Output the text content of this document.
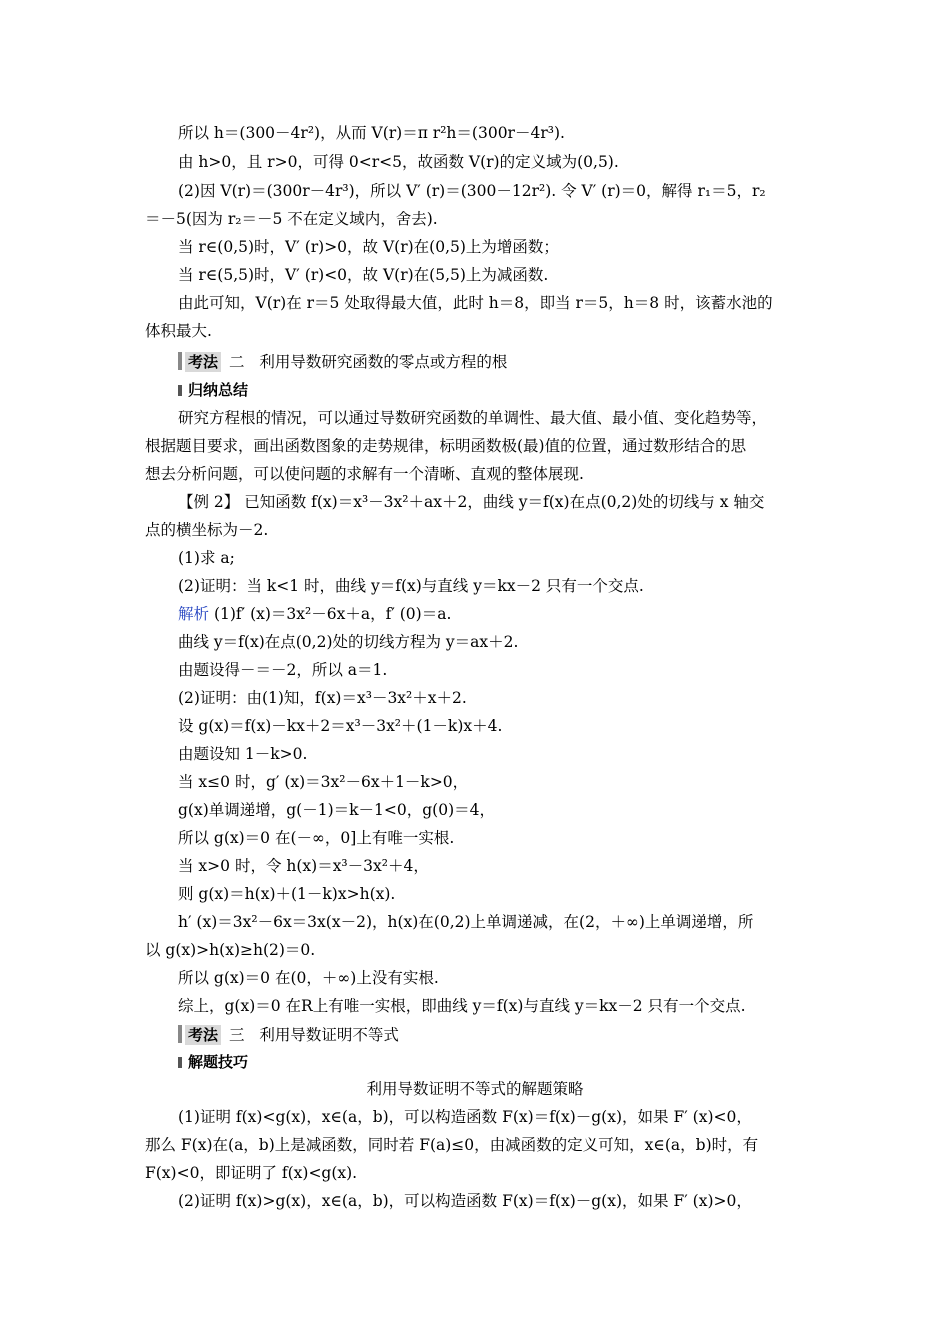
所以 h＝(300－4r²)，从而 V(r)＝π r²h＝(300r－4r³).
由 h>0，且 r>0，可得 0<r<5，故函数 V(r)的定义域为(0,5).
(2)因 V(r)＝(300r－4r³)，所以 V′ (r)＝(300－12r²). 令 V′ (r)＝0，解得 r₁＝5，r₂
＝－5(因为 r₂＝－5 不在定义域内，舍去).
当 r∈(0,5)时，V′ (r)>0，故 V(r)在(0,5)上为增函数；
当 r∈(5,5)时，V′ (r)<0，故 V(r)在(5,5)上为减函数.
由此可知，V(r)在 r＝5 处取得最大值，此时 h＝8，即当 r＝5，h＝8 时，该蓄水池的
体积最大.
考法 二 利用导数研究函数的零点或方程的根
归纳总结
研究方程根的情况，可以通过导数研究函数的单调性、最大值、最小值、变化趋势等，
根据题目要求，画出函数图象的走势规律，标明函数极(最)值的位置，通过数形结合的思
想去分析问题，可以使问题的求解有一个清晰、直观的整体展现.
【例 2】 已知函数 f(x)＝x³－3x²＋ax＋2，曲线 y＝f(x)在点(0,2)处的切线与 x 轴交
点的横坐标为－2.
(1)求 a;
(2)证明：当 k<1 时，曲线 y＝f(x)与直线 y＝kx－2 只有一个交点.
解析 (1)f′ (x)＝3x²－6x＋a，f′ (0)＝a.
曲线 y＝f(x)在点(0,2)处的切线方程为 y＝ax＋2.
由题设得－＝－2，所以 a＝1.
(2)证明：由(1)知，f(x)＝x³－3x²＋x＋2.
设 g(x)＝f(x)－kx＋2＝x³－3x²＋(1－k)x＋4.
由题设知 1－k>0.
当 x≤0 时，g′ (x)＝3x²－6x＋1－k>0，
g(x)单调递增，g(－1)＝k－1<0，g(0)＝4，
所以 g(x)＝0 在(－∞，0]上有唯一实根.
当 x>0 时，令 h(x)＝x³－3x²＋4，
则 g(x)＝h(x)＋(1－k)x>h(x).
h′ (x)＝3x²－6x＝3x(x－2)，h(x)在(0,2)上单调递减，在(2，＋∞)上单调递增，所
以 g(x)>h(x)≥h(2)＝0.
所以 g(x)＝0 在(0，＋∞)上没有实根.
综上，g(x)＝0 在R上有唯一实根，即曲线 y＝f(x)与直线 y＝kx－2 只有一个交点.
考法 三 利用导数证明不等式
解题技巧
利用导数证明不等式的解题策略
(1)证明 f(x)<g(x)，x∈(a，b)，可以构造函数 F(x)＝f(x)－g(x)，如果 F′ (x)<0，
那么 F(x)在(a，b)上是减函数，同时若 F(a)≤0，由减函数的定义可知，x∈(a，b)时，有
F(x)<0，即证明了 f(x)<g(x).
(2)证明 f(x)>g(x)，x∈(a，b)，可以构造函数 F(x)＝f(x)－g(x)，如果 F′ (x)>0，
